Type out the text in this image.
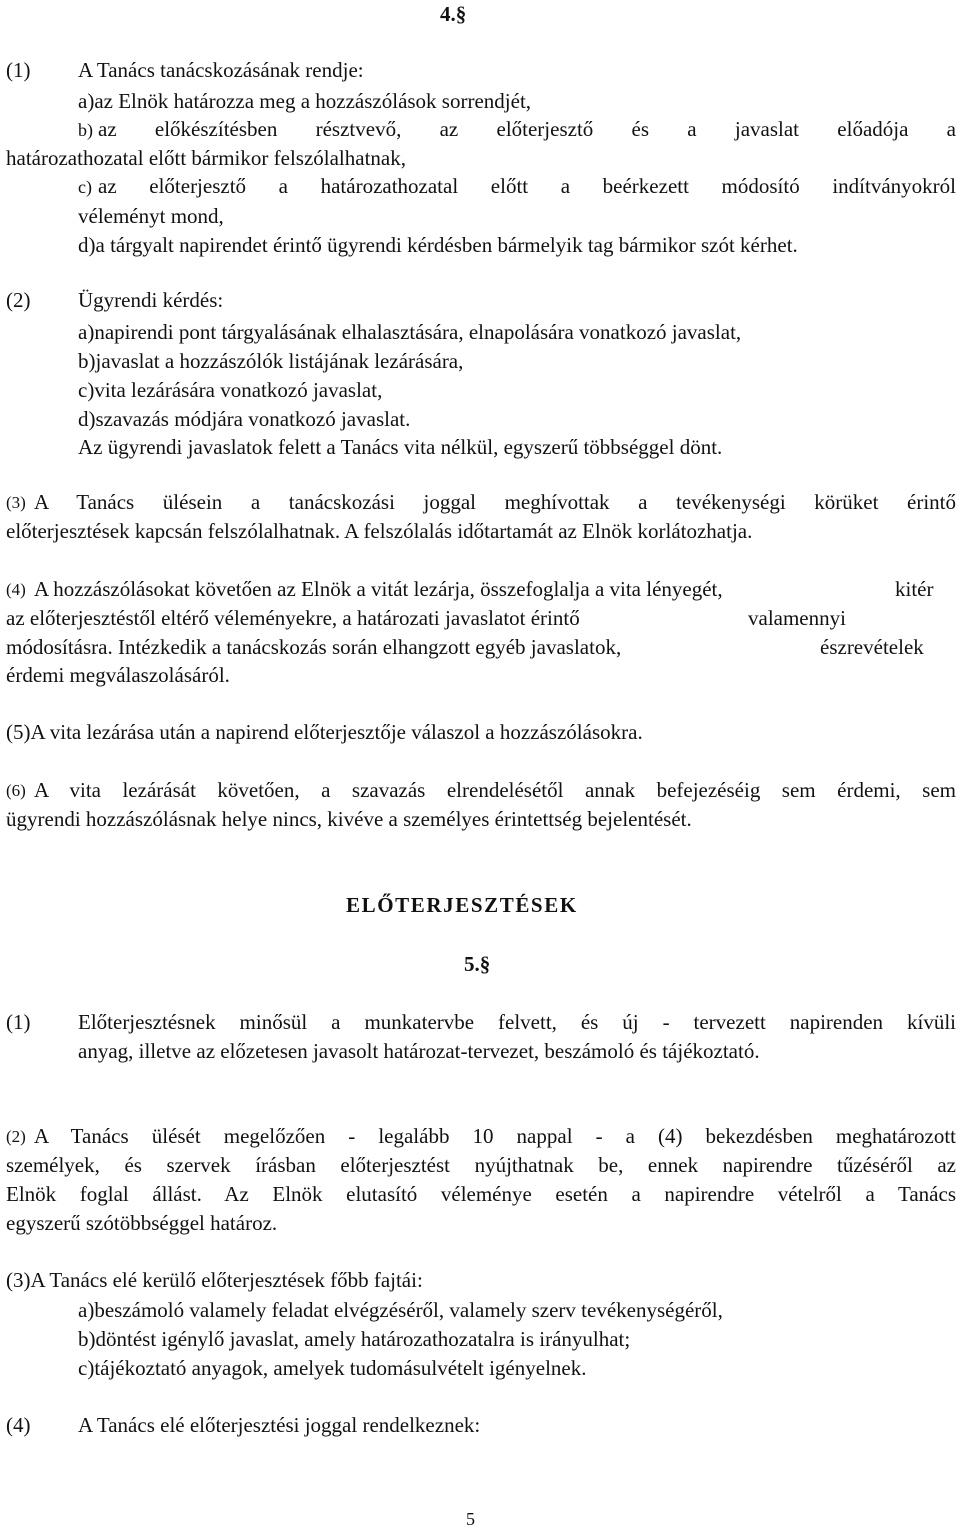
4.§
(1) A Tanács tanácskozásának rendje:
a)az Elnök határozza meg a hozzászólások sorrendjét,
b) az előkészítésben résztvevő, az előterjesztő és a javaslat előadója a
határozathozatal előtt bármikor felszólalhatnak,
c) az előterjesztő a határozathozatal előtt a beérkezett módosító indítványokról
véleményt mond,
d)a tárgyalt napirendet érintő ügyrendi kérdésben bármelyik tag bármikor szót kérhet.
(2) Ügyrendi kérdés:
a)napirendi pont tárgyalásának elhalasztására, elnapolására vonatkozó javaslat,
b)javaslat a hozzászólók listájának lezárására,
c)vita lezárására vonatkozó javaslat,
d)szavazás módjára vonatkozó javaslat.
Az ügyrendi javaslatok felett a Tanács vita nélkül, egyszerű többséggel dönt.
(3) A Tanács ülésein a tanácskozási joggal meghívottak a tevékenységi körüket érintő
előterjesztések kapcsán felszólalhatnak. A felszólalás időtartamát az Elnök korlátozhatja.
(4) A hozzászólásokat követően az Elnök a vitát lezárja, összefoglalja a vita lényegét,	kitér
az előterjesztéstől eltérő véleményekre, a határozati javaslatot érintő	valamennyi
módosításra. Intézkedik a tanácskozás során elhangzott egyéb javaslatok,	észrevételek
érdemi megválaszolásáról.
(5)A vita lezárása után a napirend előterjesztője válaszol a hozzászólásokra.
(6) A vita lezárását követően, a szavazás elrendelésétől annak befejezéséig sem érdemi, sem
ügyrendi hozzászólásnak helye nincs, kivéve a személyes érintettség bejelentését.
ELŐTERJESZTÉSEK
5.§
(1) Előterjesztésnek minősül a munkatervbe felvett, és új - tervezett napirenden kívüli
anyag, illetve az előzetesen javasolt határozat-tervezet, beszámoló és tájékoztató.
(2) A Tanács ülését megelőzően - legalább 10 nappal - a (4) bekezdésben meghatározott
személyek, és szervek írásban előterjesztést nyújthatnak be, ennek napirendre tűzéséről az
Elnök foglal állást. Az Elnök elutasító véleménye esetén a napirendre vételről a Tanács
egyszerű szótöbbséggel határoz.
(3)A Tanács elé kerülő előterjesztések főbb fajtái:
a)beszámoló valamely feladat elvégzéséről, valamely szerv tevékenységéről,
b)döntést igénylő javaslat, amely határozathozatalra is irányulhat;
c)tájékoztató anyagok, amelyek tudomásulvételt igényelnek.
(4) A Tanács elé előterjesztési joggal rendelkeznek:
5
